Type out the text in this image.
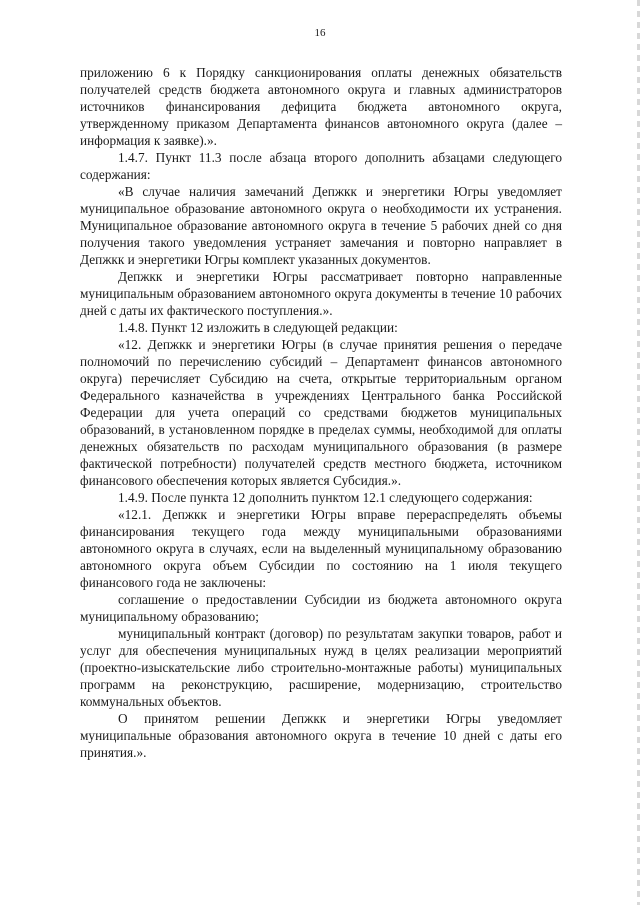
16

приложению 6 к Порядку санкционирования оплаты денежных обязательств получателей средств бюджета автономного округа и главных администраторов источников финансирования дефицита бюджета автономного округа, утвержденному приказом Департамента финансов автономного округа (далее – информация к заявке).».

1.4.7. Пункт 11.3 после абзаца второго дополнить абзацами следующего содержания:

«В случае наличия замечаний Депжкк и энергетики Югры уведомляет муниципальное образование автономного округа о необходимости их устранения. Муниципальное образование автономного округа в течение 5 рабочих дней со дня получения такого уведомления устраняет замечания и повторно направляет в Депжкк и энергетики Югры комплект указанных документов.

Депжкк и энергетики Югры рассматривает повторно направленные муниципальным образованием автономного округа документы в течение 10 рабочих дней с даты их фактического поступления.».

1.4.8. Пункт 12 изложить в следующей редакции:

«12. Депжкк и энергетики Югры (в случае принятия решения о передаче полномочий по перечислению субсидий – Департамент финансов автономного округа) перечисляет Субсидию на счета, открытые территориальным органом Федерального казначейства в учреждениях Центрального банка Российской Федерации для учета операций со средствами бюджетов муниципальных образований, в установленном порядке в пределах суммы, необходимой для оплаты денежных обязательств по расходам муниципального образования (в размере фактической потребности) получателей средств местного бюджета, источником финансового обеспечения которых является Субсидия.».

1.4.9. После пункта 12 дополнить пунктом 12.1 следующего содержания:

«12.1. Депжкк и энергетики Югры вправе перераспределять объемы финансирования текущего года между муниципальными образованиями автономного округа в случаях, если на выделенный муниципальному образованию автономного округа объем Субсидии по состоянию на 1 июля текущего финансового года не заключены:

соглашение о предоставлении Субсидии из бюджета автономного округа муниципальному образованию;

муниципальный контракт (договор) по результатам закупки товаров, работ и услуг для обеспечения муниципальных нужд в целях реализации мероприятий (проектно-изыскательские либо строительно-монтажные работы) муниципальных программ на реконструкцию, расширение, модернизацию, строительство коммунальных объектов.

О принятом решении Депжкк и энергетики Югры уведомляет муниципальные образования автономного округа в течение 10 дней с даты его принятия.».
